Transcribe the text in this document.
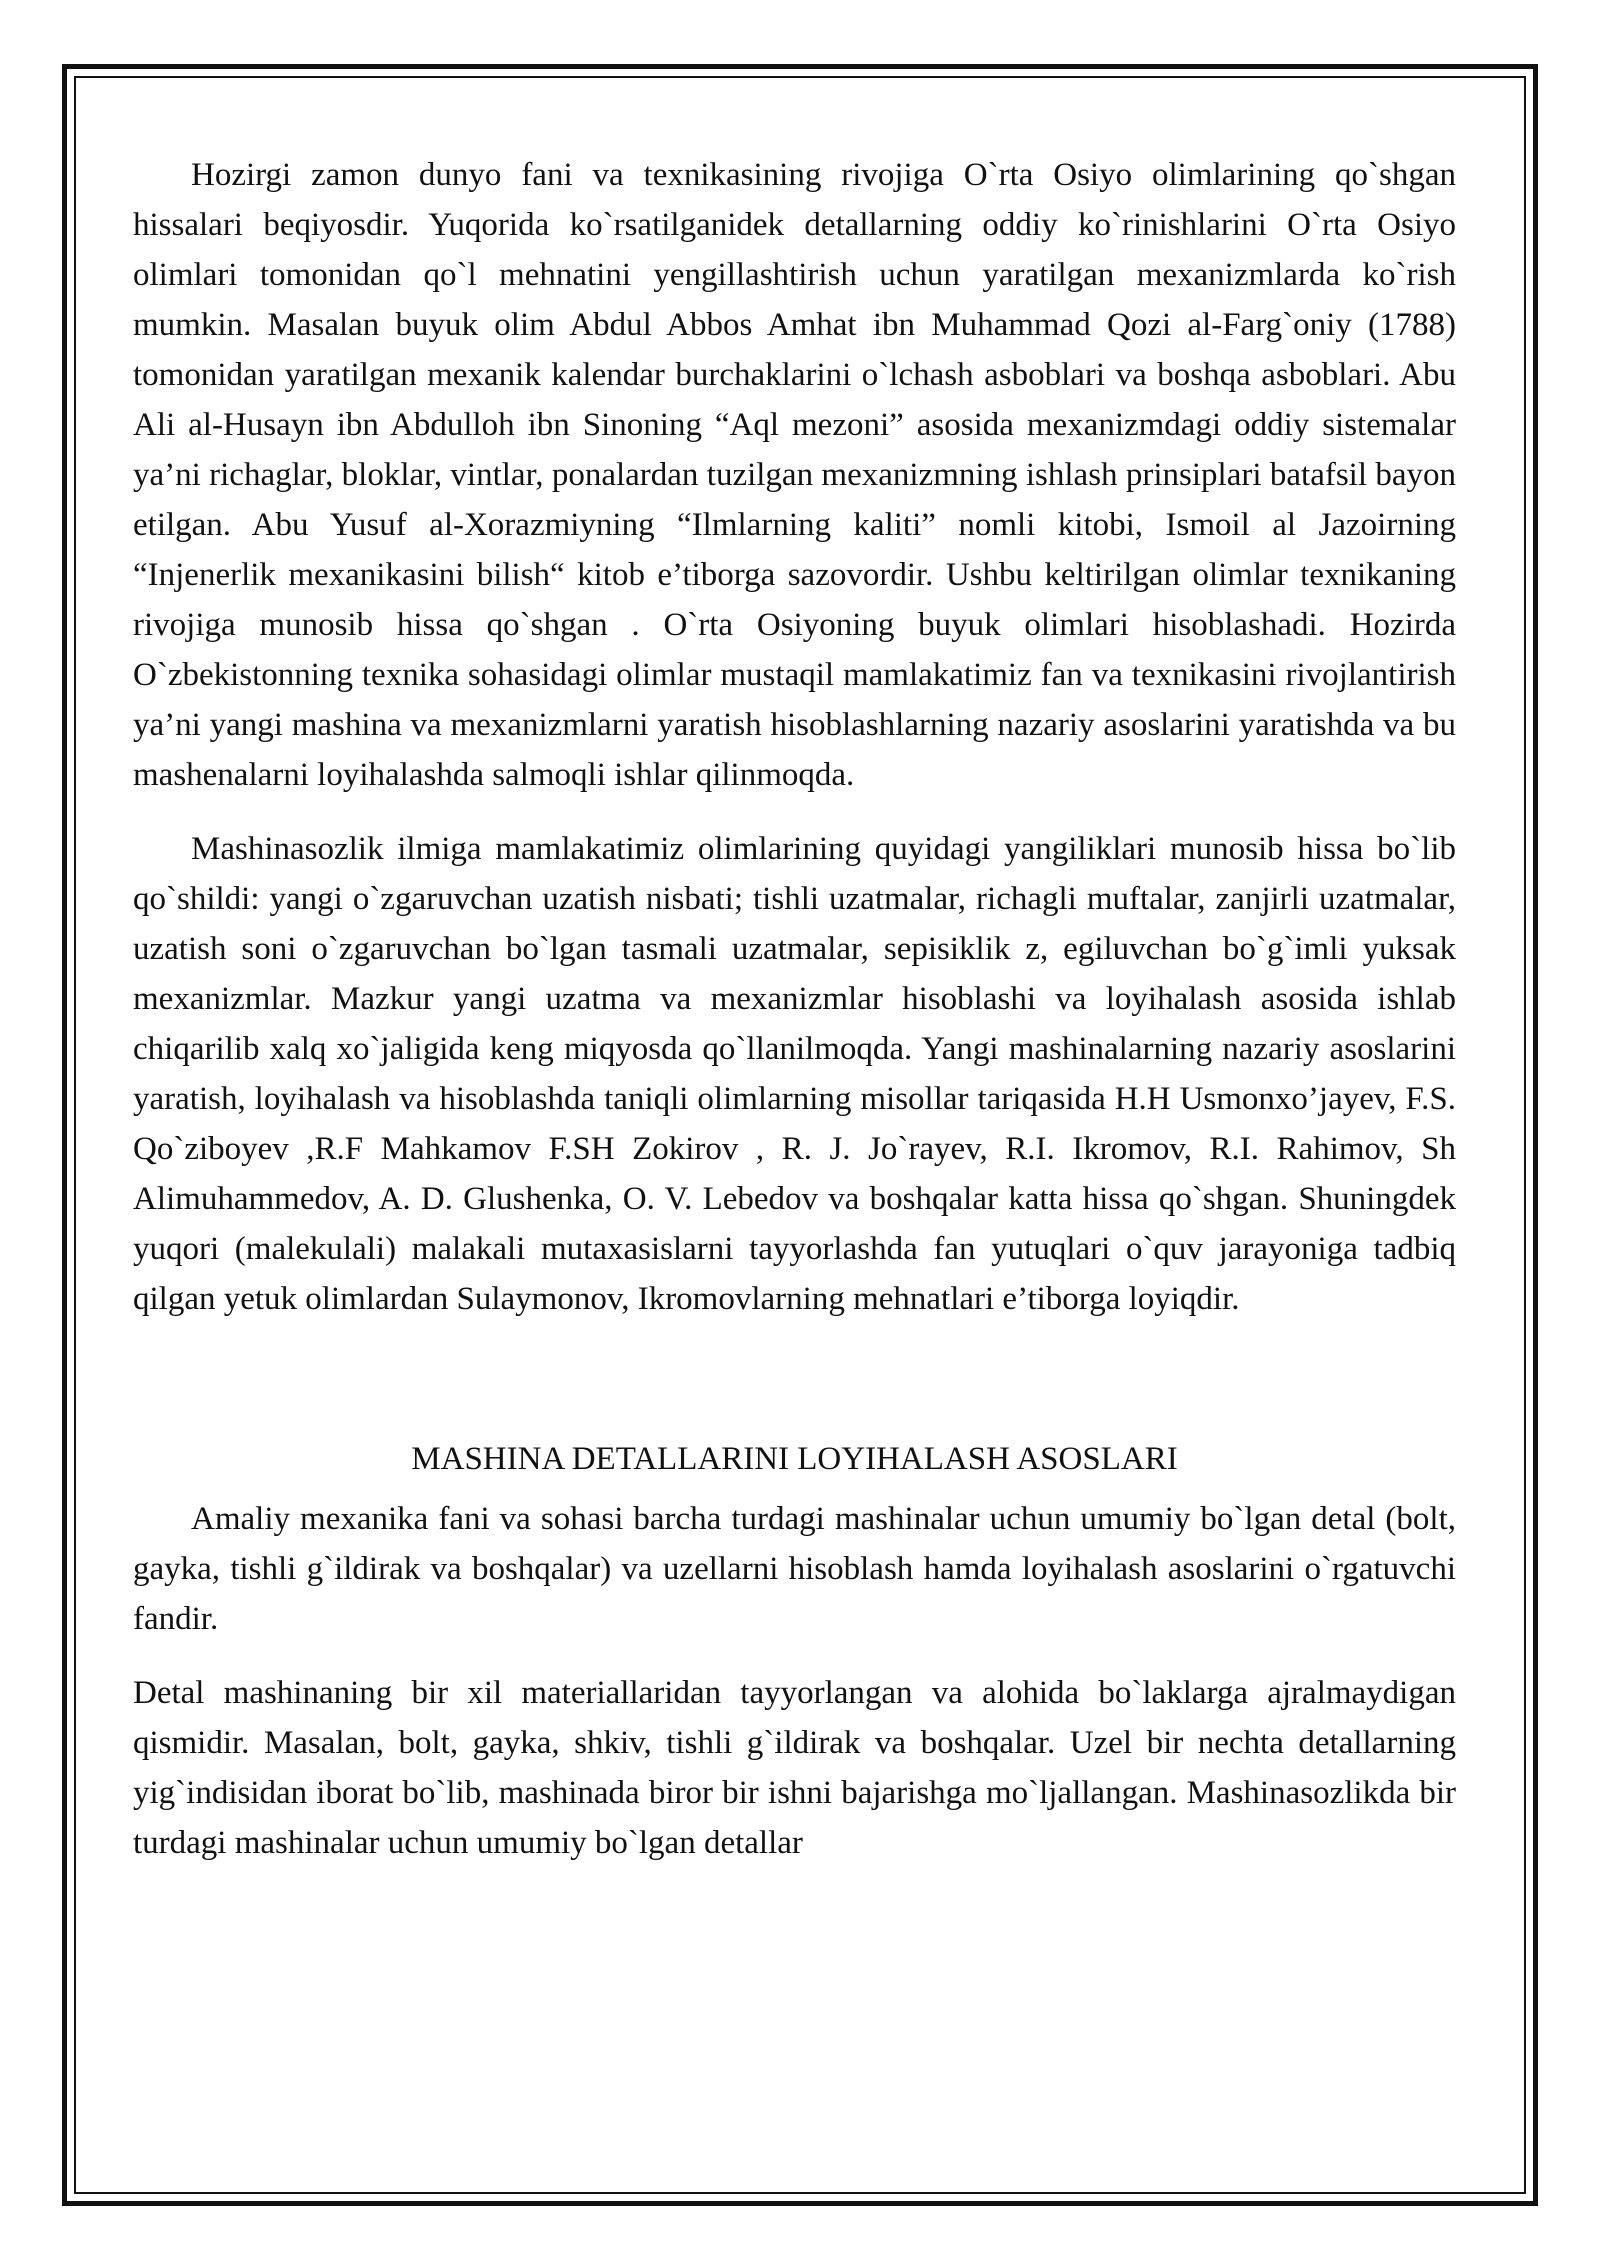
Hozirgi zamon dunyo fani va texnikasining rivojiga O`rta Osiyo olimlarining qo`shgan hissalari beqiyosdir. Yuqorida ko`rsatilganidek detallarning oddiy ko`rinishlarini O`rta Osiyo olimlari tomonidan qo`l mehnatini yengillashtirish uchun yaratilgan mexanizmlarda ko`rish mumkin. Masalan buyuk olim Abdul Abbos Amhat ibn Muhammad Qozi al-Farg`oniy (1788) tomonidan yaratilgan mexanik kalendar burchaklarini o`lchash asboblari va boshqa asboblari. Abu Ali al-Husayn ibn Abdulloh ibn Sinoning “Aql mezoni” asosida mexanizmdagi oddiy sistemalar ya’ni richaglar, bloklar, vintlar, ponalardan tuzilgan mexanizmning ishlash prinsiplari batafsil bayon etilgan. Abu Yusuf al-Xorazmiyning “Ilmlarning kaliti” nomli kitobi, Ismoil al Jazoirning “Injenerlik mexanikasini bilish“ kitob e’tiborga sazovordir. Ushbu keltirilgan olimlar texnikaning rivojiga munosib hissa qo`shgan . O`rta Osiyoning buyuk olimlari hisoblashadi. Hozirda O`zbekistonning texnika sohasidagi olimlar mustaqil mamlakatimiz fan va texnikasini rivojlantirish ya’ni yangi mashina va mexanizmlarni yaratish hisoblashlarning nazariy asoslarini yaratishda va bu mashenalarni loyihalashda salmoqli ishlar qilinmoqda.

Mashinasozlik ilmiga mamlakatimiz olimlarining quyidagi yangiliklari munosib hissa bo`lib qo`shildi: yangi o`zgaruvchan uzatish nisbati; tishli uzatmalar, richagli muftalar, zanjirli uzatmalar, uzatish soni o`zgaruvchan bo`lgan tasmali uzatmalar, sepisiklik z, egiluvchan bo`g`imli yuksak mexanizmlar. Mazkur yangi uzatma va mexanizmlar hisoblashi va loyihalash asosida ishlab chiqarilib xalq xo`jaligida keng miqyosda qo`llanilmoqda. Yangi mashinalarning nazariy asoslarini yaratish, loyihalash va hisoblashda taniqli olimlarning misollar tariqasida H.H Usmonxo’jayev, F.S. Qo`ziboyev ,R.F Mahkamov F.SH Zokirov , R. J. Jo`rayev, R.I. Ikromov, R.I. Rahimov, Sh Alimuhammedov, A. D. Glushenka, O. V. Lebedov va boshqalar katta hissa qo`shgan. Shuningdek yuqori (malekulali) malakali mutaxasislarni tayyorlashda fan yutuqlari o`quv jarayoniga tadbiq qilgan yetuk olimlardan Sulaymonov, Ikromovlarning mehnatlari e’tiborga loyiqdir.

MASHINA DETALLARINI LOYIHALASH ASOSLARI

Amaliy mexanika fani va sohasi barcha turdagi mashinalar uchun umumiy bo`lgan detal (bolt, gayka, tishli g`ildirak va boshqalar) va uzellarni hisoblash hamda loyihalash asoslarini o`rgatuvchi fandir.

Detal mashinaning bir xil materiallaridan tayyorlangan va alohida bo`laklarga ajralmaydigan qismidir. Masalan, bolt, gayka, shkiv, tishli g`ildirak va boshqalar. Uzel bir nechta detallarning yig`indisidan iborat bo`lib, mashinada biror bir ishni bajarishga mo`ljallangan. Mashinasozlikda bir turdagi mashinalar uchun umumiy bo`lgan detallar
